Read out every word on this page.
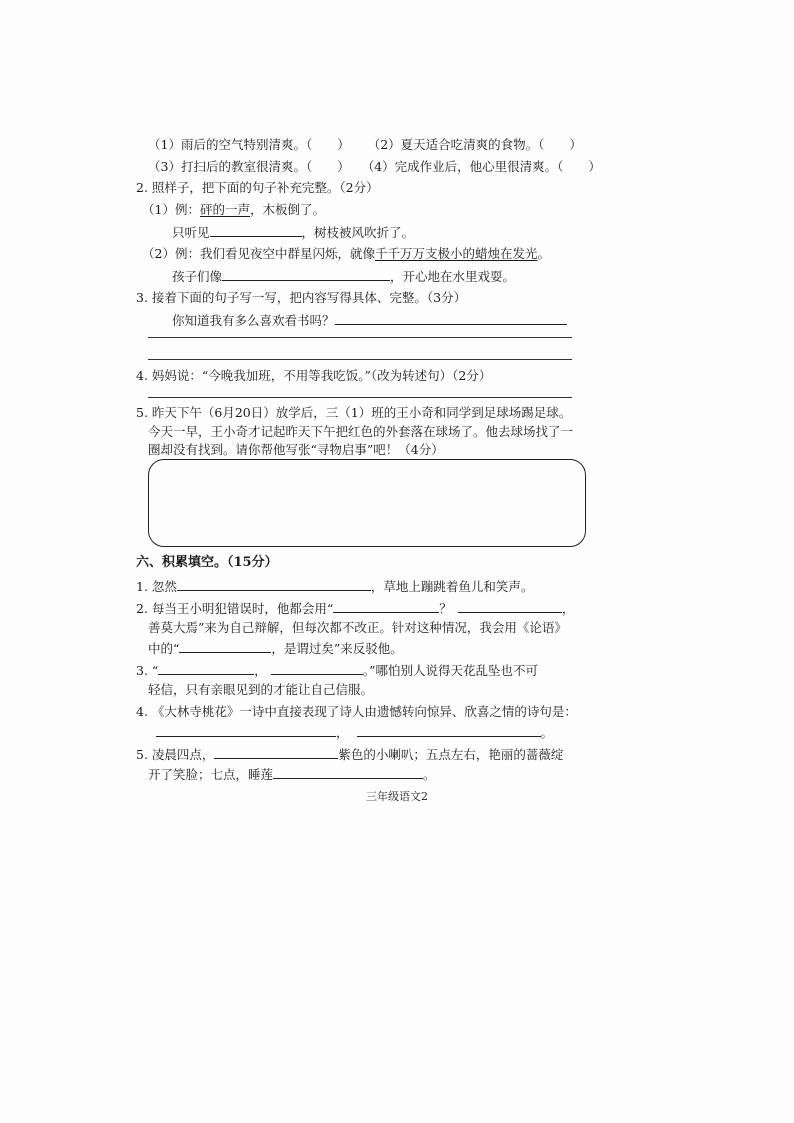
（1）雨后的空气特别清爽。（　　） （2）夏天适合吃清爽的食物。（　　）
（3）打扫后的教室很清爽。（　　） （4）完成作业后，他心里很清爽。（　　）
2. 照样子，把下面的句子补充完整。（2分）
（1）例：砰的一声，木板倒了。
只听见	，树枝被风吹折了。
（2）例：我们看见夜空中群星闪烁，就像千千万万支极小的蜡烛在发光。
孩子们像	，开心地在水里戏耍。
3. 接着下面的句子写一写，把内容写得具体、完整。（3分）
你知道我有多么喜欢看书吗？
4. 妈妈说：“今晚我加班，不用等我吃饭。”（改为转述句）（2分）
5. 昨天下午（6月20日）放学后，三（1）班的王小奇和同学到足球场踢足球。
今天一早，王小奇才记起昨天下午把红色的外套落在球场了。他去球场找了一
圈却没有找到。请你帮他写张“寻物启事”吧！（4分）
六、积累填空。（15分）
1. 忽然	，草地上蹦跳着鱼儿和笑声。
2. 每当王小明犯错误时，他都会用“	？	，
善莫大焉”来为自己辩解，但每次都不改正。针对这种情况，我会用《论语》
中的“	，是谓过矣”来反驳他。
3. “	，	。”哪怕别人说得天花乱坠也不可
轻信，只有亲眼见到的才能让自己信服。
4. 《大林寺桃花》一诗中直接表现了诗人由遗憾转向惊异、欣喜之情的诗句是：
，	。
5. 凌晨四点，	紫色的小喇叭；五点左右，艳丽的蔷薇绽
开了笑脸；七点，睡莲	。
三年级语文2
